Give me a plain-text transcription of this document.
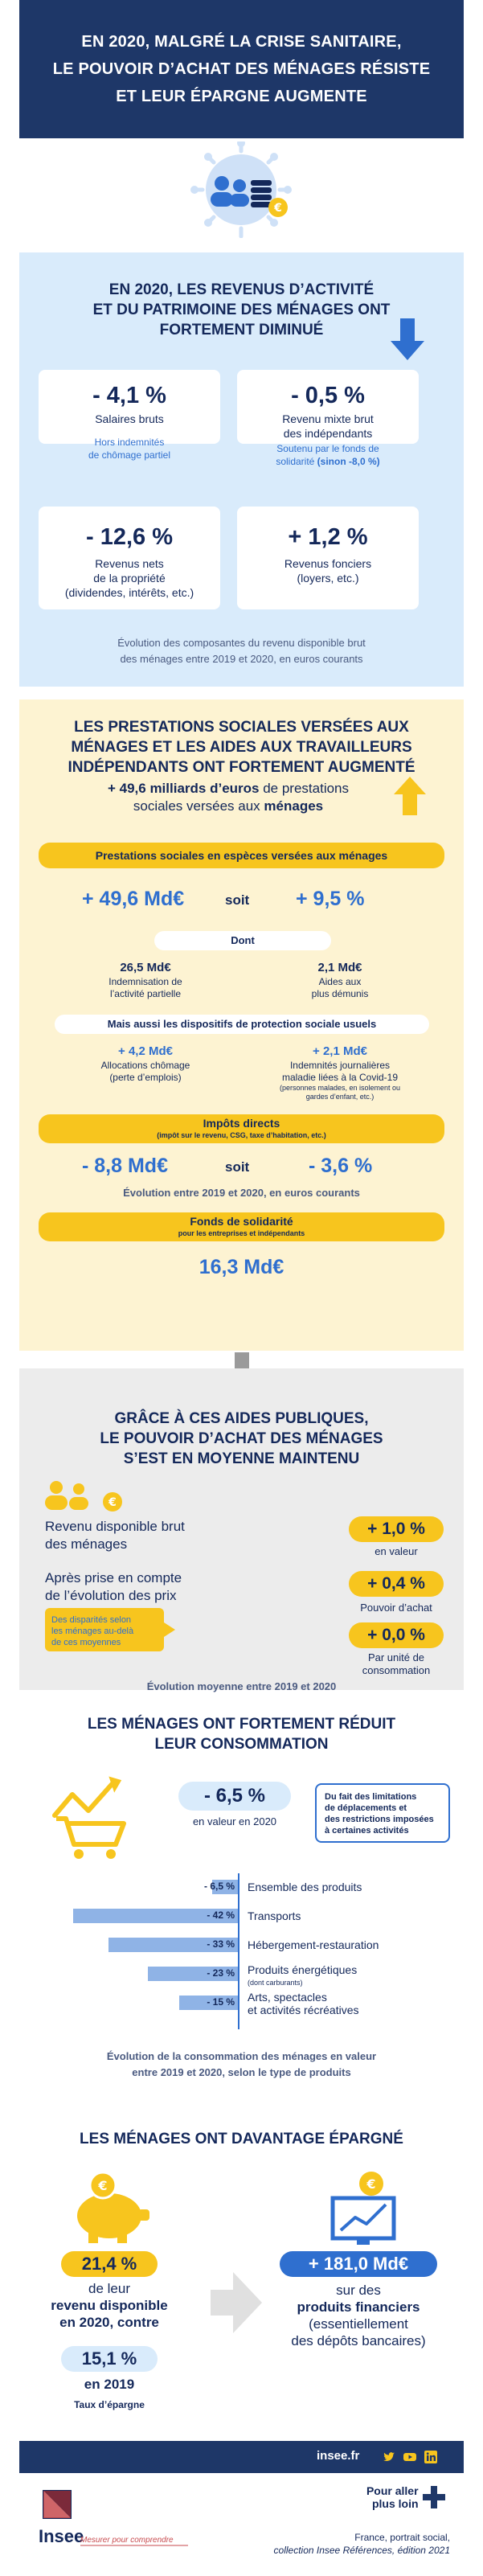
EN 2020, MALGRÉ LA CRISE SANITAIRE,
LE POUVOIR D’ACHAT DES MÉNAGES RÉSISTE
ET LEUR ÉPARGNE AUGMENTE
€
EN 2020, LES REVENUS D’ACTIVITÉ
ET DU PATRIMOINE DES MÉNAGES ONT
FORTEMENT DIMINUÉ
- 4,1 %
Salaires bruts
Hors indemnités
de chômage partiel
- 0,5 %
Revenu mixte brut
des indépendants
Soutenu par le fonds de
solidarité (sinon -8,0 %)
- 12,6 %
Revenus nets
de la propriété
(dividendes, intérêts, etc.)
+ 1,2 %
Revenus fonciers
(loyers, etc.)
Évolution des composantes du revenu disponible brut
des ménages entre 2019 et 2020, en euros courants
LES PRESTATIONS SOCIALES VERSÉES AUX
MÉNAGES ET LES AIDES AUX TRAVAILLEURS
INDÉPENDANTS ONT FORTEMENT AUGMENTÉ
+ 49,6 milliards d’euros de prestations
sociales versées aux ménages
Prestations sociales en espèces versées aux ménages
+ 49,6 Md€	soit + 9,5 %
Dont
26,5 Md€
Indemnisation de
l’activité partielle
2,1 Md€
Aides aux
plus démunis
Mais aussi les dispositifs de protection sociale usuels
+ 4,2 Md€
Allocations chômage
(perte d’emplois)
+ 2,1 Md€
Indemnités journalières
maladie liées à la Covid-19
(personnes malades, en isolement ou
gardes d’enfant, etc.)
Impôts directs
(impôt sur le revenu, CSG, taxe d’habitation, etc.)
- 8,8 Md€	soit	- 3,6 %
Évolution entre 2019 et 2020, en euros courants
Fonds de solidarité
pour les entreprises et indépendants
16,3 Md€
GRÂCE À CES AIDES PUBLIQUES,
LE POUVOIR D’ACHAT DES MÉNAGES
S’EST EN MOYENNE MAINTENU
€
Revenu disponible brut
des ménages
+ 1,0 %
en valeur
Après prise en compte
de l’évolution des prix
+ 0,4 %
Pouvoir d’achat
Des disparités selon
les ménages au-delà
de ces moyennes	+ 0,0 %
Par unité de
consommation
Évolution moyenne entre 2019 et 2020
LES MÉNAGES ONT FORTEMENT RÉDUIT
LEUR CONSOMMATION
- 6,5 %
en valeur en 2020
Du fait des limitations
de déplacements et
des restrictions imposées
à certaines activités
- 6,5 % Ensemble des produits
- 42 % Transports
- 33 % Hébergement-restauration
- 23 % Produits énergétiques
(dont carburants)
- 15 % Arts, spectacles
et activités récréatives
Évolution de la consommation des ménages en valeur
entre 2019 et 2020, selon le type de produits
LES MÉNAGES ONT DAVANTAGE ÉPARGNÉ
€
21,4 %
de leur
revenu disponible
en 2020, contre
15,1 %
en 2019
Taux d’épargne
€
+ 181,0 Md€
sur des
produits financiers
(essentiellement
des dépôts bancaires)
insee.fr
Insee
Mesurer pour comprendre
Pour aller
plus loin

France, portrait social,
collection Insee Références, édition 2021
